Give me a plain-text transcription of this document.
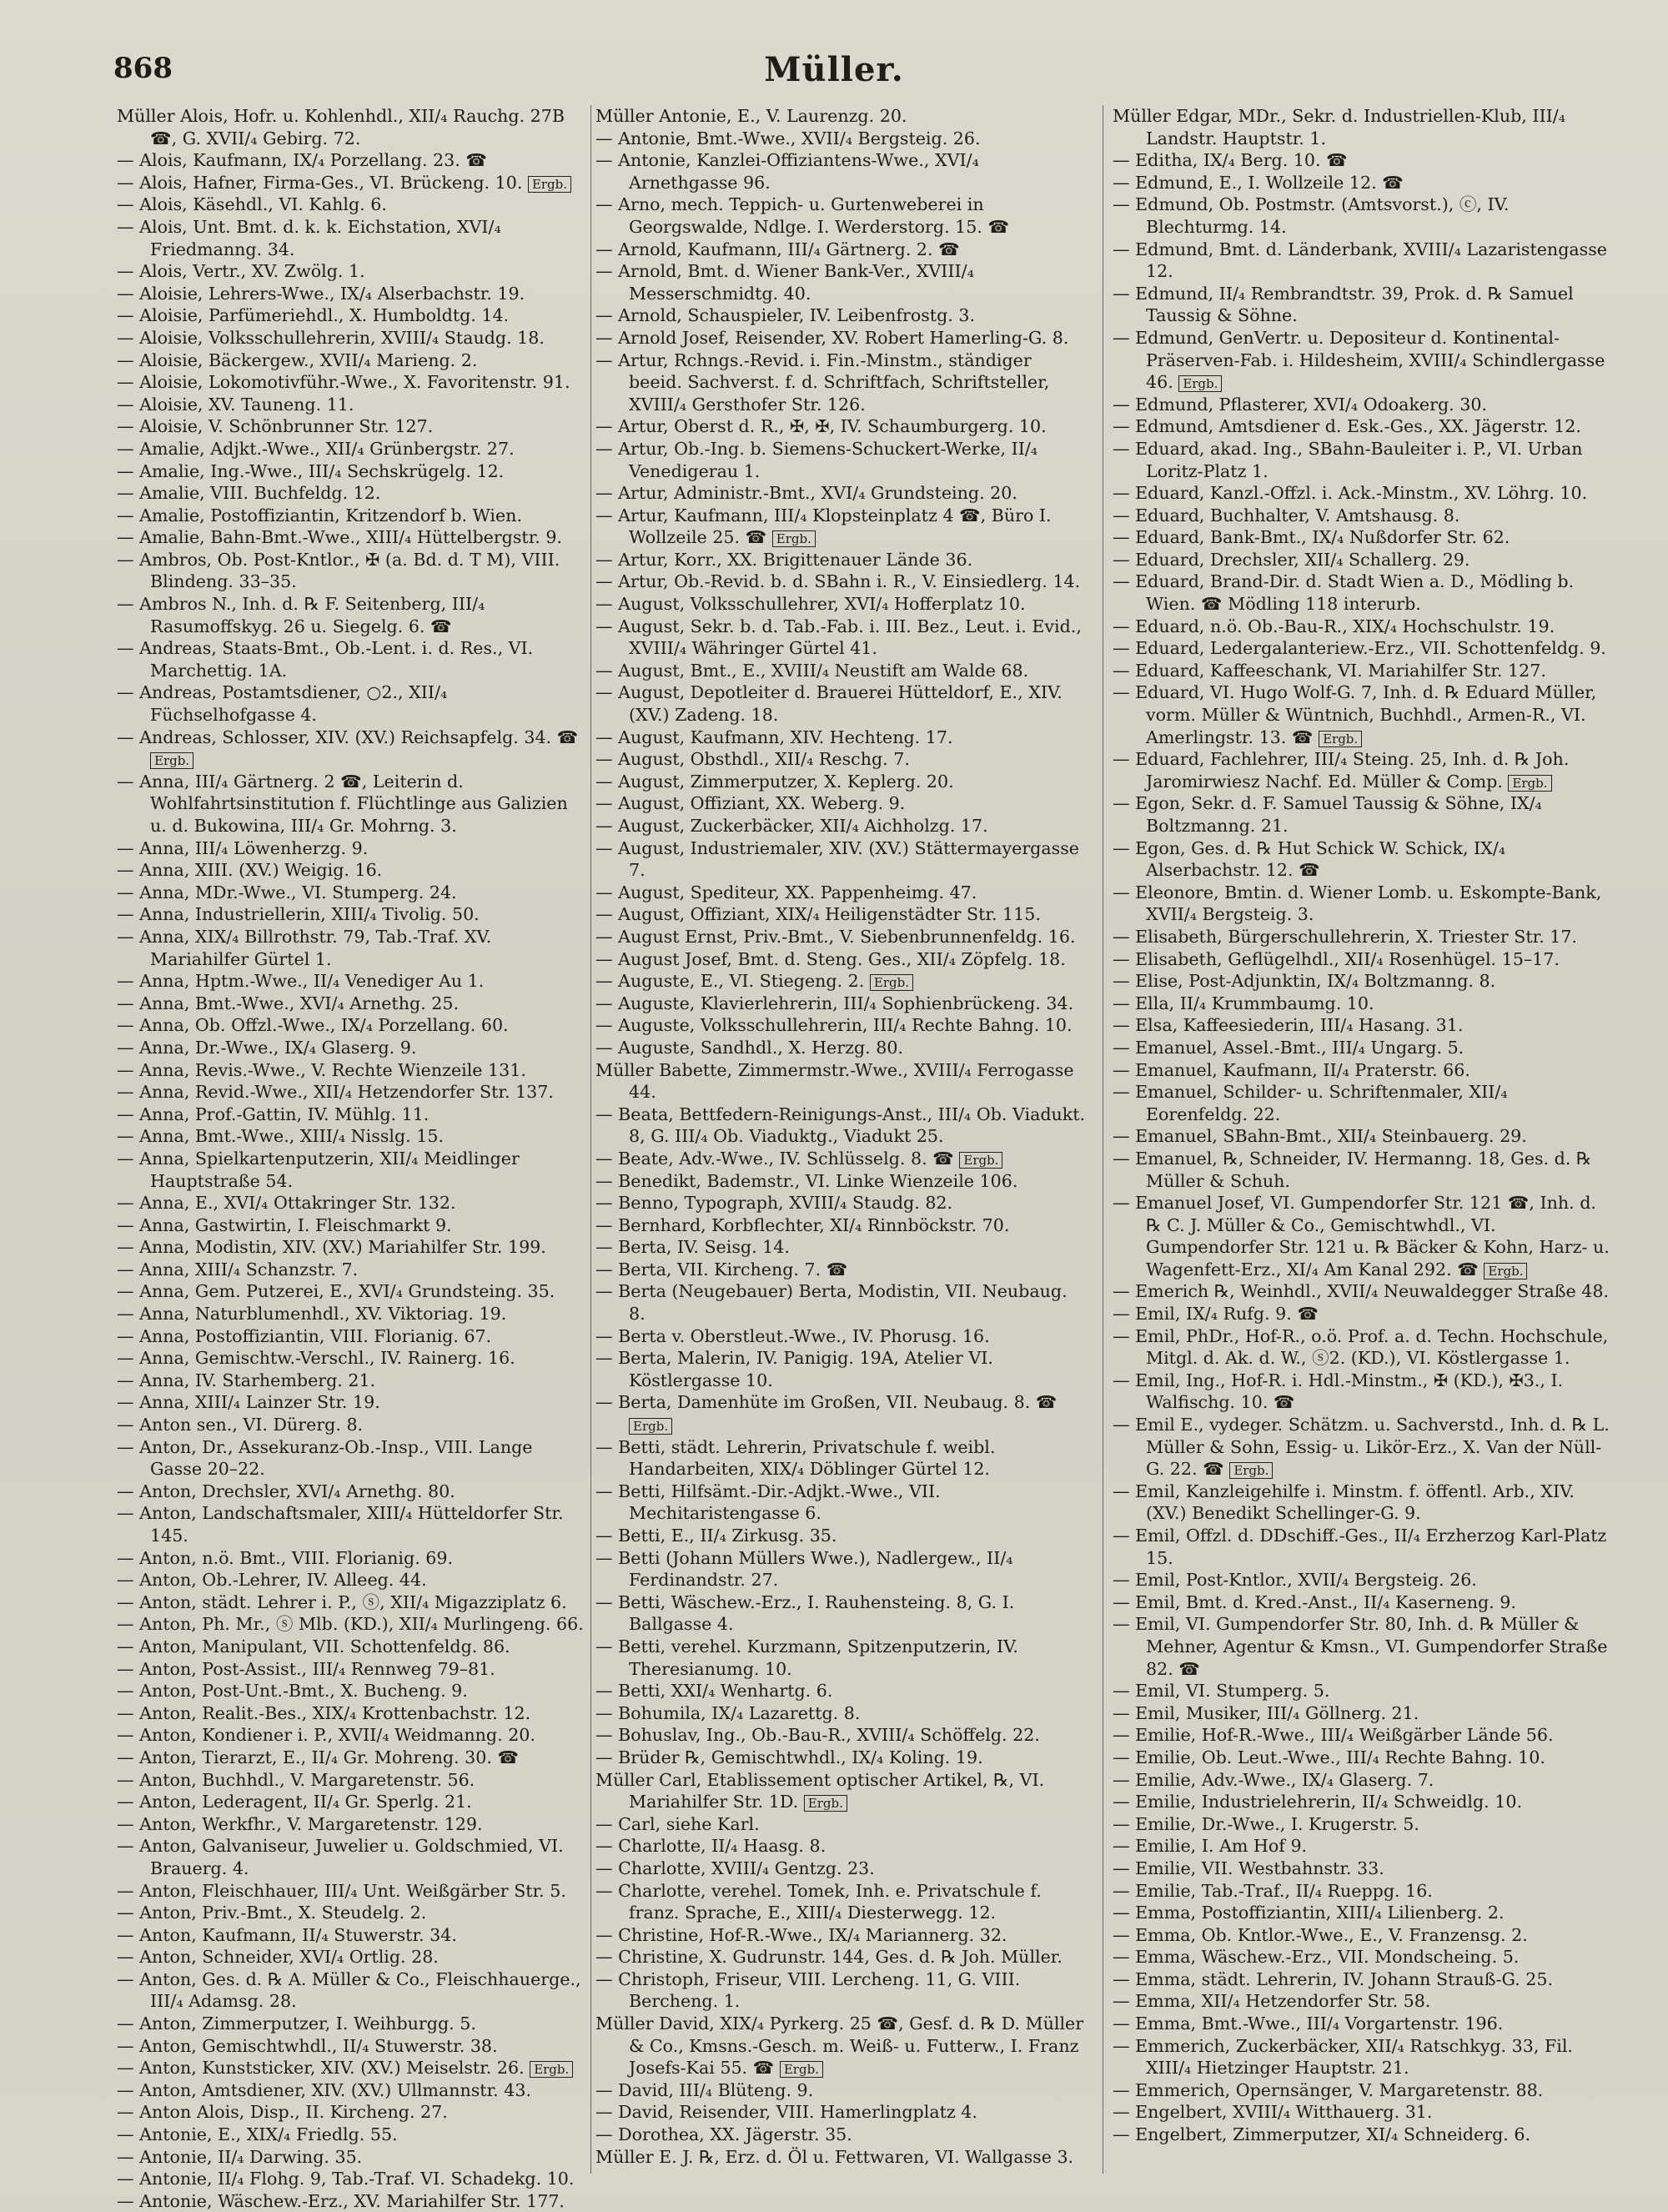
868	Müller.

Müller Alois, Hofr. u. Kohlenhdl., XII/₄ Rauchg. 27B ☎, G. XVII/₄ Gebirg. 72.

— Alois, Kaufmann, IX/₄ Porzellang. 23. ☎

— Alois, Hafner, Firma-Ges., VI. Brückeng. 10. Ergb.

— Alois, Käsehdl., VI. Kahlg. 6.

— Alois, Unt. Bmt. d. k. k. Eichstation, XVI/₄ Friedmanng. 34.

— Alois, Vertr., XV. Zwölg. 1.

— Aloisie, Lehrers-Wwe., IX/₄ Alserbachstr. 19.

— Aloisie, Parfümeriehdl., X. Humboldtg. 14.

— Aloisie, Volksschullehrerin, XVIII/₄ Staudg. 18.

— Aloisie, Bäckergew., XVII/₄ Marieng. 2.

— Aloisie, Lokomotivführ.-Wwe., X. Favoritenstr. 91.

— Aloisie, XV. Tauneng. 11.

— Aloisie, V. Schönbrunner Str. 127.

— Amalie, Adjkt.-Wwe., XII/₄ Grünbergstr. 27.

— Amalie, Ing.-Wwe., III/₄ Sechskrügelg. 12.

— Amalie, VIII. Buchfeldg. 12.

— Amalie, Postoffiziantin, Kritzendorf b. Wien.

— Amalie, Bahn-Bmt.-Wwe., XIII/₄ Hüttelbergstr. 9.

— Ambros, Ob. Post-Kntlor., ✠ (a. Bd. d. T M), VIII. Blindeng. 33–35.

— Ambros N., Inh. d. ℞ F. Seitenberg, III/₄ Rasumoffskyg. 26 u. Siegelg. 6. ☎

— Andreas, Staats-Bmt., Ob.-Lent. i. d. Res., VI. Marchettig. 1A.

— Andreas, Postamtsdiener, ○2., XII/₄ Füchselhofgasse 4.

— Andreas, Schlosser, XIV. (XV.) Reichsapfelg. 34. ☎ Ergb.

— Anna, III/₄ Gärtnerg. 2 ☎, Leiterin d. Wohlfahrtsinstitution f. Flüchtlinge aus Galizien u. d. Bukowina, III/₄ Gr. Mohrng. 3.

— Anna, III/₄ Löwenherzg. 9.

— Anna, XIII. (XV.) Weigig. 16.

— Anna, MDr.-Wwe., VI. Stumperg. 24.

— Anna, Industriellerin, XIII/₄ Tivolig. 50.

— Anna, XIX/₄ Billrothstr. 79, Tab.-Traf. XV. Mariahilfer Gürtel 1.

— Anna, Hptm.-Wwe., II/₄ Venediger Au 1.

— Anna, Bmt.-Wwe., XVI/₄ Arnethg. 25.

— Anna, Ob. Offzl.-Wwe., IX/₄ Porzellang. 60.

— Anna, Dr.-Wwe., IX/₄ Glaserg. 9.

— Anna, Revis.-Wwe., V. Rechte Wienzeile 131.

— Anna, Revid.-Wwe., XII/₄ Hetzendorfer Str. 137.

— Anna, Prof.-Gattin, IV. Mühlg. 11.

— Anna, Bmt.-Wwe., XIII/₄ Nisslg. 15.

— Anna, Spielkartenputzerin, XII/₄ Meidlinger Hauptstraße 54.

— Anna, E., XVI/₄ Ottakringer Str. 132.

— Anna, Gastwirtin, I. Fleischmarkt 9.

— Anna, Modistin, XIV. (XV.) Mariahilfer Str. 199.

— Anna, XIII/₄ Schanzstr. 7.

— Anna, Gem. Putzerei, E., XVI/₄ Grundsteing. 35.

— Anna, Naturblumenhdl., XV. Viktoriag. 19.

— Anna, Postoffiziantin, VIII. Florianig. 67.

— Anna, Gemischtw.-Verschl., IV. Rainerg. 16.

— Anna, IV. Starhemberg. 21.

— Anna, XIII/₄ Lainzer Str. 19.

— Anton sen., VI. Dürerg. 8.

— Anton, Dr., Assekuranz-Ob.-Insp., VIII. Lange Gasse 20–22.

— Anton, Drechsler, XVI/₄ Arnethg. 80.

— Anton, Landschaftsmaler, XIII/₄ Hütteldorfer Str. 145.

— Anton, n.ö. Bmt., VIII. Florianig. 69.

— Anton, Ob.-Lehrer, IV. Alleeg. 44.

— Anton, städt. Lehrer i. P., ⓢ, XII/₄ Migazziplatz 6.

— Anton, Ph. Mr., ⓢ Mlb. (KD.), XII/₄ Murlingeng. 66.

— Anton, Manipulant, VII. Schottenfeldg. 86.

— Anton, Post-Assist., III/₄ Rennweg 79–81.

— Anton, Post-Unt.-Bmt., X. Bucheng. 9.

— Anton, Realit.-Bes., XIX/₄ Krottenbachstr. 12.

— Anton, Kondiener i. P., XVII/₄ Weidmanng. 20.

— Anton, Tierarzt, E., II/₄ Gr. Mohreng. 30. ☎

— Anton, Buchhdl., V. Margaretenstr. 56.

— Anton, Lederagent, II/₄ Gr. Sperlg. 21.

— Anton, Werkfhr., V. Margaretenstr. 129.

— Anton, Galvaniseur, Juwelier u. Goldschmied, VI. Brauerg. 4.

— Anton, Fleischhauer, III/₄ Unt. Weißgärber Str. 5.

— Anton, Priv.-Bmt., X. Steudelg. 2.

— Anton, Kaufmann, II/₄ Stuwerstr. 34.

— Anton, Schneider, XVI/₄ Ortlig. 28.

— Anton, Ges. d. ℞ A. Müller & Co., Fleischhauerge., III/₄ Adamsg. 28.

— Anton, Zimmerputzer, I. Weihburgg. 5.

— Anton, Gemischtwhdl., II/₄ Stuwerstr. 38.

— Anton, Kunststicker, XIV. (XV.) Meiselstr. 26. Ergb.

— Anton, Amtsdiener, XIV. (XV.) Ullmannstr. 43.

— Anton Alois, Disp., II. Kircheng. 27.

— Antonie, E., XIX/₄ Friedlg. 55.

— Antonie, II/₄ Darwing. 35.

— Antonie, II/₄ Flohg. 9, Tab.-Traf. VI. Schadekg. 10.

— Antonie, Wäschew.-Erz., XV. Mariahilfer Str. 177.

Müller Antonie, E., V. Laurenzg. 20.

— Antonie, Bmt.-Wwe., XVII/₄ Bergsteig. 26.

— Antonie, Kanzlei-Offiziantens-Wwe., XVI/₄ Arnethgasse 96.

— Arno, mech. Teppich- u. Gurtenweberei in Georgswalde, Ndlge. I. Werderstorg. 15. ☎

— Arnold, Kaufmann, III/₄ Gärtnerg. 2. ☎

— Arnold, Bmt. d. Wiener Bank-Ver., XVIII/₄ Messerschmidtg. 40.

— Arnold, Schauspieler, IV. Leibenfrostg. 3.

— Arnold Josef, Reisender, XV. Robert Hamerling-G. 8.

— Artur, Rchngs.-Revid. i. Fin.-Minstm., ständiger beeid. Sachverst. f. d. Schriftfach, Schriftsteller, XVIII/₄ Gersthofer Str. 126.

— Artur, Oberst d. R., ✠, ✠, IV. Schaumburgerg. 10.

— Artur, Ob.-Ing. b. Siemens-Schuckert-Werke, II/₄ Venedigerau 1.

— Artur, Administr.-Bmt., XVI/₄ Grundsteing. 20.

— Artur, Kaufmann, III/₄ Klopsteinplatz 4 ☎, Büro I. Wollzeile 25. ☎ Ergb.

— Artur, Korr., XX. Brigittenauer Lände 36.

— Artur, Ob.-Revid. b. d. SBahn i. R., V. Einsiedlerg. 14.

— August, Volksschullehrer, XVI/₄ Hofferplatz 10.

— August, Sekr. b. d. Tab.-Fab. i. III. Bez., Leut. i. Evid., XVIII/₄ Währinger Gürtel 41.

— August, Bmt., E., XVIII/₄ Neustift am Walde 68.

— August, Depotleiter d. Brauerei Hütteldorf, E., XIV. (XV.) Zadeng. 18.

— August, Kaufmann, XIV. Hechteng. 17.

— August, Obsthdl., XII/₄ Reschg. 7.

— August, Zimmerputzer, X. Keplerg. 20.

— August, Offiziant, XX. Weberg. 9.

— August, Zuckerbäcker, XII/₄ Aichholzg. 17.

— August, Industriemaler, XIV. (XV.) Stättermayergasse 7.

— August, Spediteur, XX. Pappenheimg. 47.

— August, Offiziant, XIX/₄ Heiligenstädter Str. 115.

— August Ernst, Priv.-Bmt., V. Siebenbrunnenfeldg. 16.

— August Josef, Bmt. d. Steng. Ges., XII/₄ Zöpfelg. 18.

— Auguste, E., VI. Stiegeng. 2. Ergb.

— Auguste, Klavierlehrerin, III/₄ Sophienbrückeng. 34.

— Auguste, Volksschullehrerin, III/₄ Rechte Bahng. 10.

— Auguste, Sandhdl., X. Herzg. 80.

Müller Babette, Zimmermstr.-Wwe., XVIII/₄ Ferrogasse 44.

— Beata, Bettfedern-Reinigungs-Anst., III/₄ Ob. Viadukt. 8, G. III/₄ Ob. Viaduktg., Viadukt 25.

— Beate, Adv.-Wwe., IV. Schlüsselg. 8. ☎ Ergb.

— Benedikt, Bademstr., VI. Linke Wienzeile 106.

— Benno, Typograph, XVIII/₄ Staudg. 82.

— Bernhard, Korbflechter, XI/₄ Rinnböckstr. 70.

— Berta, IV. Seisg. 14.

— Berta, VII. Kircheng. 7. ☎

— Berta (Neugebauer) Berta, Modistin, VII. Neubaug. 8.

— Berta v. Oberstleut.-Wwe., IV. Phorusg. 16.

— Berta, Malerin, IV. Panigig. 19A, Atelier VI. Köstlergasse 10.

— Berta, Damenhüte im Großen, VII. Neubaug. 8. ☎ Ergb.

— Betti, städt. Lehrerin, Privatschule f. weibl. Handarbeiten, XIX/₄ Döblinger Gürtel 12.

— Betti, Hilfsämt.-Dir.-Adjkt.-Wwe., VII. Mechitaristengasse 6.

— Betti, E., II/₄ Zirkusg. 35.

— Betti (Johann Müllers Wwe.), Nadlergew., II/₄ Ferdinandstr. 27.

— Betti, Wäschew.-Erz., I. Rauhensteing. 8, G. I. Ballgasse 4.

— Betti, verehel. Kurzmann, Spitzenputzerin, IV. Theresianumg. 10.

— Betti, XXI/₄ Wenhartg. 6.

— Bohumila, IX/₄ Lazarettg. 8.

— Bohuslav, Ing., Ob.-Bau-R., XVIII/₄ Schöffelg. 22.

— Brüder ℞, Gemischtwhdl., IX/₄ Koling. 19.

Müller Carl, Etablissement optischer Artikel, ℞, VI. Mariahilfer Str. 1D. Ergb.

— Carl, siehe Karl.

— Charlotte, II/₄ Haasg. 8.

— Charlotte, XVIII/₄ Gentzg. 23.

— Charlotte, verehel. Tomek, Inh. e. Privatschule f. franz. Sprache, E., XIII/₄ Diesterwegg. 12.

— Christine, Hof-R.-Wwe., IX/₄ Mariannerg. 32.

— Christine, X. Gudrunstr. 144, Ges. d. ℞ Joh. Müller.

— Christoph, Friseur, VIII. Lercheng. 11, G. VIII. Bercheng. 1.

Müller David, XIX/₄ Pyrkerg. 25 ☎, Gesf. d. ℞ D. Müller & Co., Kmsns.-Gesch. m. Weiß- u. Futterw., I. Franz Josefs-Kai 55. ☎ Ergb.

— David, III/₄ Blüteng. 9.

— David, Reisender, VIII. Hamerlingplatz 4.

— Dorothea, XX. Jägerstr. 35.

Müller E. J. ℞, Erz. d. Öl u. Fettwaren, VI. Wallgasse 3.

Müller Edgar, MDr., Sekr. d. Industriellen-Klub, III/₄ Landstr. Hauptstr. 1.

— Editha, IX/₄ Berg. 10. ☎

— Edmund, E., I. Wollzeile 12. ☎

— Edmund, Ob. Postmstr. (Amtsvorst.), ⓒ, IV. Blechturmg. 14.

— Edmund, Bmt. d. Länderbank, XVIII/₄ Lazaristengasse 12.

— Edmund, II/₄ Rembrandtstr. 39, Prok. d. ℞ Samuel Taussig & Söhne.

— Edmund, GenVertr. u. Depositeur d. Kontinental-Präserven-Fab. i. Hildesheim, XVIII/₄ Schindlergasse 46. Ergb.

— Edmund, Pflasterer, XVI/₄ Odoakerg. 30.

— Edmund, Amtsdiener d. Esk.-Ges., XX. Jägerstr. 12.

— Eduard, akad. Ing., SBahn-Bauleiter i. P., VI. Urban Loritz-Platz 1.

— Eduard, Kanzl.-Offzl. i. Ack.-Minstm., XV. Löhrg. 10.

— Eduard, Buchhalter, V. Amtshausg. 8.

— Eduard, Bank-Bmt., IX/₄ Nußdorfer Str. 62.

— Eduard, Drechsler, XII/₄ Schallerg. 29.

— Eduard, Brand-Dir. d. Stadt Wien a. D., Mödling b. Wien. ☎ Mödling 118 interurb.

— Eduard, n.ö. Ob.-Bau-R., XIX/₄ Hochschulstr. 19.

— Eduard, Ledergalanteriew.-Erz., VII. Schottenfeldg. 9.

— Eduard, Kaffeeschank, VI. Mariahilfer Str. 127.

— Eduard, VI. Hugo Wolf-G. 7, Inh. d. ℞ Eduard Müller, vorm. Müller & Wüntnich, Buchhdl., Armen-R., VI. Amerlingstr. 13. ☎ Ergb.

— Eduard, Fachlehrer, III/₄ Steing. 25, Inh. d. ℞ Joh. Jaromirwiesz Nachf. Ed. Müller & Comp. Ergb.

— Egon, Sekr. d. F. Samuel Taussig & Söhne, IX/₄ Boltzmanng. 21.

— Egon, Ges. d. ℞ Hut Schick W. Schick, IX/₄ Alserbachstr. 12. ☎

— Eleonore, Bmtin. d. Wiener Lomb. u. Eskompte-Bank, XVII/₄ Bergsteig. 3.

— Elisabeth, Bürgerschullehrerin, X. Triester Str. 17.

— Elisabeth, Geflügelhdl., XII/₄ Rosenhügel. 15–17.

— Elise, Post-Adjunktin, IX/₄ Boltzmanng. 8.

— Ella, II/₄ Krummbaumg. 10.

— Elsa, Kaffeesiederin, III/₄ Hasang. 31.

— Emanuel, Assel.-Bmt., III/₄ Ungarg. 5.

— Emanuel, Kaufmann, II/₄ Praterstr. 66.

— Emanuel, Schilder- u. Schriftenmaler, XII/₄ Eorenfeldg. 22.

— Emanuel, SBahn-Bmt., XII/₄ Steinbauerg. 29.

— Emanuel, ℞, Schneider, IV. Hermanng. 18, Ges. d. ℞ Müller & Schuh.

— Emanuel Josef, VI. Gumpendorfer Str. 121 ☎, Inh. d. ℞ C. J. Müller & Co., Gemischtwhdl., VI. Gumpendorfer Str. 121 u. ℞ Bäcker & Kohn, Harz- u. Wagenfett-Erz., XI/₄ Am Kanal 292. ☎ Ergb.

— Emerich ℞, Weinhdl., XVII/₄ Neuwaldegger Straße 48.

— Emil, IX/₄ Rufg. 9. ☎

— Emil, PhDr., Hof-R., o.ö. Prof. a. d. Techn. Hochschule, Mitgl. d. Ak. d. W., ⓢ2. (KD.), VI. Köstlergasse 1.

— Emil, Ing., Hof-R. i. Hdl.-Minstm., ✠ (KD.), ✠3., I. Walfischg. 10. ☎

— Emil E., vydeger. Schätzm. u. Sachverstd., Inh. d. ℞ L. Müller & Sohn, Essig- u. Likör-Erz., X. Van der Nüll-G. 22. ☎ Ergb.

— Emil, Kanzleigehilfe i. Minstm. f. öffentl. Arb., XIV. (XV.) Benedikt Schellinger-G. 9.

— Emil, Offzl. d. DDschiff.-Ges., II/₄ Erzherzog Karl-Platz 15.

— Emil, Post-Kntlor., XVII/₄ Bergsteig. 26.

— Emil, Bmt. d. Kred.-Anst., II/₄ Kaserneng. 9.

— Emil, VI. Gumpendorfer Str. 80, Inh. d. ℞ Müller & Mehner, Agentur & Kmsn., VI. Gumpendorfer Straße 82. ☎

— Emil, VI. Stumperg. 5.

— Emil, Musiker, III/₄ Göllnerg. 21.

— Emilie, Hof-R.-Wwe., III/₄ Weißgärber Lände 56.

— Emilie, Ob. Leut.-Wwe., III/₄ Rechte Bahng. 10.

— Emilie, Adv.-Wwe., IX/₄ Glaserg. 7.

— Emilie, Industrielehrerin, II/₄ Schweidlg. 10.

— Emilie, Dr.-Wwe., I. Krugerstr. 5.

— Emilie, I. Am Hof 9.

— Emilie, VII. Westbahnstr. 33.

— Emilie, Tab.-Traf., II/₄ Rueppg. 16.

— Emma, Postoffiziantin, XIII/₄ Lilienberg. 2.

— Emma, Ob. Kntlor.-Wwe., E., V. Franzensg. 2.

— Emma, Wäschew.-Erz., VII. Mondscheing. 5.

— Emma, städt. Lehrerin, IV. Johann Strauß-G. 25.

— Emma, XII/₄ Hetzendorfer Str. 58.

— Emma, Bmt.-Wwe., III/₄ Vorgartenstr. 196.

— Emmerich, Zuckerbäcker, XII/₄ Ratschkyg. 33, Fil. XIII/₄ Hietzinger Hauptstr. 21.

— Emmerich, Opernsänger, V. Margaretenstr. 88.

— Engelbert, XVIII/₄ Witthauerg. 31.

— Engelbert, Zimmerputzer, XI/₄ Schneiderg. 6.
